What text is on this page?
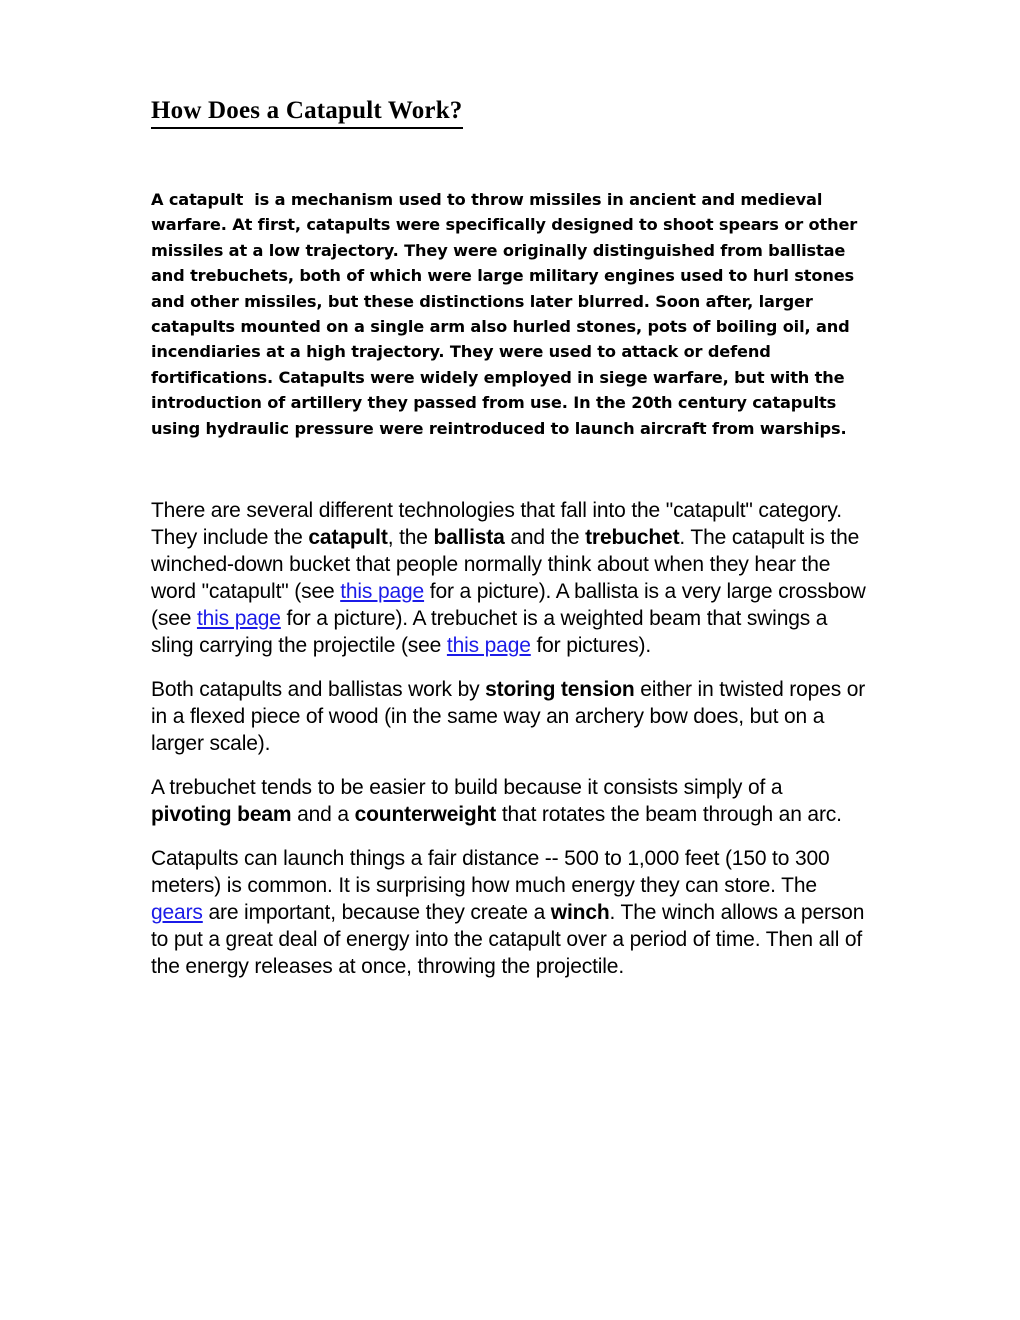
How Does a Catapult Work?

A catapult  is a mechanism used to throw missiles in ancient and medieval warfare. At first, catapults were specifically designed to shoot spears or other missiles at a low trajectory. They were originally distinguished from ballistae and trebuchets, both of which were large military engines used to hurl stones and other missiles, but these distinctions later blurred. Soon after, larger catapults mounted on a single arm also hurled stones, pots of boiling oil, and incendiaries at a high trajectory. They were used to attack or defend fortifications. Catapults were widely employed in siege warfare, but with the introduction of artillery they passed from use. In the 20th century catapults using hydraulic pressure were reintroduced to launch aircraft from warships.

There are several different technologies that fall into the "catapult" category. They include the catapult, the ballista and the trebuchet. The catapult is the winched-down bucket that people normally think about when they hear the word "catapult" (see this page for a picture). A ballista is a very large crossbow (see this page for a picture). A trebuchet is a weighted beam that swings a sling carrying the projectile (see this page for pictures).

Both catapults and ballistas work by storing tension either in twisted ropes or in a flexed piece of wood (in the same way an archery bow does, but on a larger scale).

A trebuchet tends to be easier to build because it consists simply of a pivoting beam and a counterweight that rotates the beam through an arc.

Catapults can launch things a fair distance -- 500 to 1,000 feet (150 to 300 meters) is common. It is surprising how much energy they can store. The gears are important, because they create a winch. The winch allows a person to put a great deal of energy into the catapult over a period of time. Then all of the energy releases at once, throwing the projectile.
